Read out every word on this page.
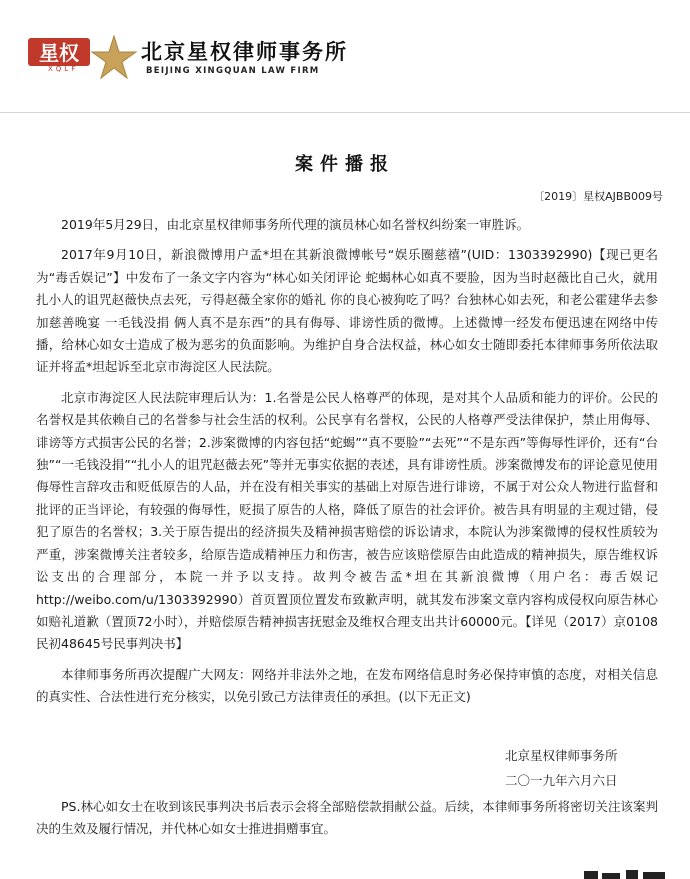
星权
XQLF
北京星权律师事务所
BEIJING XINGQUAN LAW FIRM
案件播报
〔2019〕星权AJBB009号

2019年5月29日，由北京星权律师事务所代理的演员林心如名誉权纠纷案一审胜诉。

2017年9月10日，新浪微博用户孟*坦在其新浪微博帐号“娱乐圈慈禧”(UID：1303392990)【现已更名为“毒舌娱记”】中发布了一条文字内容为“林心如关闭评论 蛇蝎林心如真不要脸，因为当时赵薇比自己火，就用扎小人的诅咒赵薇快点去死，亏得赵薇全家你的婚礼 你的良心被狗吃了吗？台独林心如去死，和老公霍建华去参加慈善晚宴 一毛钱没捐 俩人真不是东西”的具有侮辱、诽谤性质的微博。上述微博一经发布便迅速在网络中传播，给林心如女士造成了极为恶劣的负面影响。为维护自身合法权益，林心如女士随即委托本律师事务所依法取证并将孟*坦起诉至北京市海淀区人民法院。

北京市海淀区人民法院审理后认为：1.名誉是公民人格尊严的体现，是对其个人品质和能力的评价。公民的名誉权是其依赖自己的名誉参与社会生活的权利。公民享有名誉权，公民的人格尊严受法律保护，禁止用侮辱、诽谤等方式损害公民的名誉；2.涉案微博的内容包括“蛇蝎”“真不要脸”“去死”“不是东西”等侮辱性评价，还有“台独”“一毛钱没捐”“扎小人的诅咒赵薇去死”等并无事实依据的表述，具有诽谤性质。涉案微博发布的评论意见使用侮辱性言辞攻击和贬低原告的人品，并在没有相关事实的基础上对原告进行诽谤，不属于对公众人物进行监督和批评的正当评论，有较强的侮辱性，贬损了原告的人格，降低了原告的社会评价。被告具有明显的主观过错，侵犯了原告的名誉权；3.关于原告提出的经济损失及精神损害赔偿的诉讼请求，本院认为涉案微博的侵权性质较为严重，涉案微博关注者较多，给原告造成精神压力和伤害，被告应该赔偿原告由此造成的精神损失，原告维权诉讼支出的合理部分，本院一并予以支持。故判令被告孟*坦在其新浪微博（用户名：毒舌娱记 http://weibo.com/u/1303392990）首页置顶位置发布致歉声明，就其发布涉案文章内容构成侵权向原告林心如赔礼道歉（置顶72小时），并赔偿原告精神损害抚慰金及维权合理支出共计60000元。【详见（2017）京0108民初48645号民事判决书】

本律师事务所再次提醒广大网友：网络并非法外之地，在发布网络信息时务必保持审慎的态度，对相关信息的真实性、合法性进行充分核实，以免引致己方法律责任的承担。(以下无正文)

北京星权律师事务所
二〇一九年六月六日
PS.林心如女士在收到该民事判决书后表示会将全部赔偿款捐献公益。后续，本律师事务所将密切关注该案判决的生效及履行情况，并代林心如女士推进捐赠事宜。
